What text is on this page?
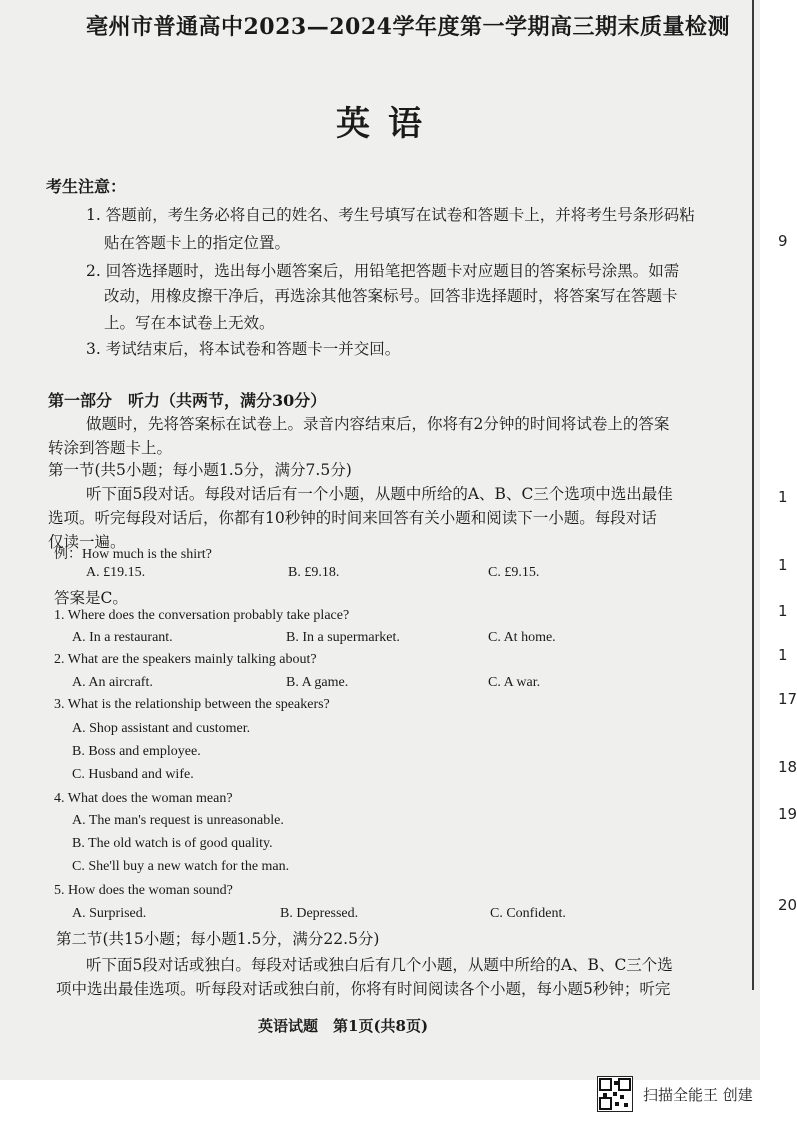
9
1
1
1
1
17
18
19
20
亳州市普通高中2023—2024学年度第一学期高三期末质量检测
英语
考生注意：
1. 答题前，考生务必将自己的姓名、考生号填写在试卷和答题卡上，并将考生号条形码粘
贴在答题卡上的指定位置。
2. 回答选择题时，选出每小题答案后，用铅笔把答题卡对应题目的答案标号涂黑。如需
改动，用橡皮擦干净后，再选涂其他答案标号。回答非选择题时，将答案写在答题卡
上。写在本试卷上无效。
3. 考试结束后，将本试卷和答题卡一并交回。
第一部分　听力（共两节，满分30分）
做题时，先将答案标在试卷上。录音内容结束后，你将有2分钟的时间将试卷上的答案
转涂到答题卡上。
第一节(共5小题；每小题1.5分，满分7.5分)
听下面5段对话。每段对话后有一个小题，从题中所给的A、B、C三个选项中选出最佳
选项。听完每段对话后，你都有10秒钟的时间来回答有关小题和阅读下一小题。每段对话
仅读一遍。
例：How much is the shirt?
A. £19.15.	B. £9.18.	C. £9.15.
答案是C。
1. Where does the conversation probably take place?
A. In a restaurant.	B. In a supermarket.	C. At home.
2. What are the speakers mainly talking about?
A. An aircraft.	B. A game.	C. A war.
3. What is the relationship between the speakers?
A. Shop assistant and customer.
B. Boss and employee.
C. Husband and wife.
4. What does the woman mean?
A. The man's request is unreasonable.
B. The old watch is of good quality.
C. She'll buy a new watch for the man.
5. How does the woman sound?
A. Surprised.	B. Depressed.	C. Confident.
第二节(共15小题；每小题1.5分，满分22.5分)
听下面5段对话或独白。每段对话或独白后有几个小题，从题中所给的A、B、C三个选
项中选出最佳选项。听每段对话或独白前，你将有时间阅读各个小题，每小题5秒钟；听完
英语试题　第1页(共8页)
扫描全能王 创建
